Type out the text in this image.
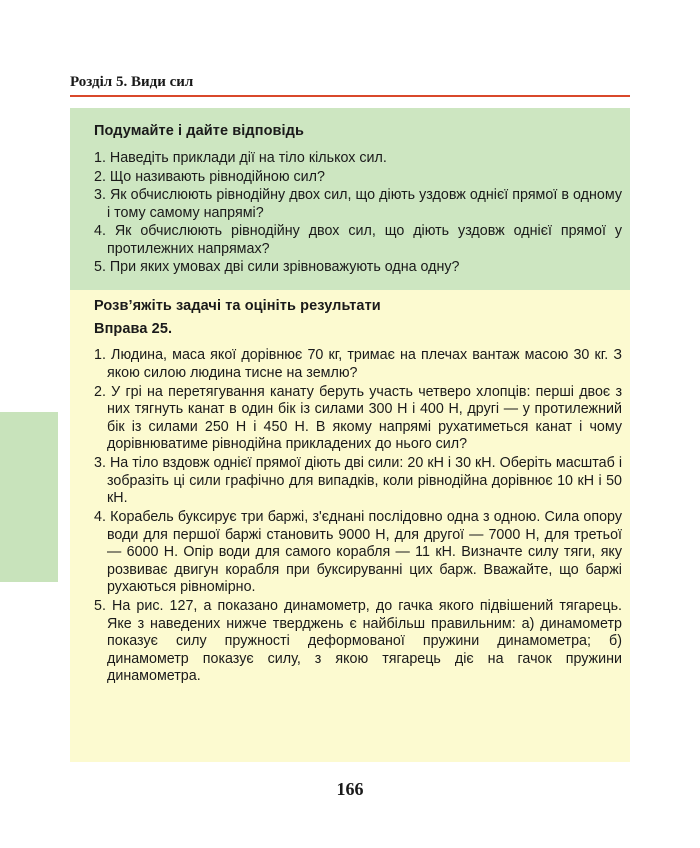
Розділ 5. Види сил
Подумайте і дайте відповідь
1. Наведіть приклади дії на тіло кількох сил.
2. Що називають рівнодійною сил?
3. Як обчислюють рівнодійну двох сил, що діють уздовж однієї прямої в одному і тому самому напрямі?
4. Як обчислюють рівнодійну двох сил, що діють уздовж однієї прямої у протилежних напрямах?
5. При яких умовах дві сили зрівноважують одна одну?
Розв’яжіть задачі та оцініть результати
Вправа 25.
1. Людина, маса якої дорівнює 70 кг, тримає на плечах вантаж масою 30 кг. З якою силою людина тисне на землю?
2. У грі на перетягування канату беруть участь четверо хлопців: перші двоє з них тягнуть канат в один бік із силами 300 Н і 400 Н, другі — у протилежний бік із силами 250 Н і 450 Н. В якому напрямі рухатиметься канат і чому дорівнюватиме рівнодійна прикладених до нього сил?
3. На тіло вздовж однієї прямої діють дві сили: 20 кН і 30 кН. Оберіть масштаб і зобразіть ці сили графічно для випадків, коли рівнодійна дорівнює 10 кН і 50 кН.
4. Корабель буксирує три баржі, з'єднані послідовно одна з одною. Сила опору води для першої баржі становить 9000 Н, для другої — 7000 Н, для третьої — 6000 Н. Опір води для самого корабля — 11 кН. Визначте силу тяги, яку розвиває двигун корабля при буксируванні цих барж. Вважайте, що баржі рухаються рівномірно.
5. На рис. 127, а показано динамометр, до гачка якого підвішений тягарець. Яке з наведених нижче тверджень є найбільш правильним: а) динамометр показує силу пружності деформованої пружини динамометра; б) динамометр показує силу, з якою тягарець діє на гачок пружини динамометра.
166
